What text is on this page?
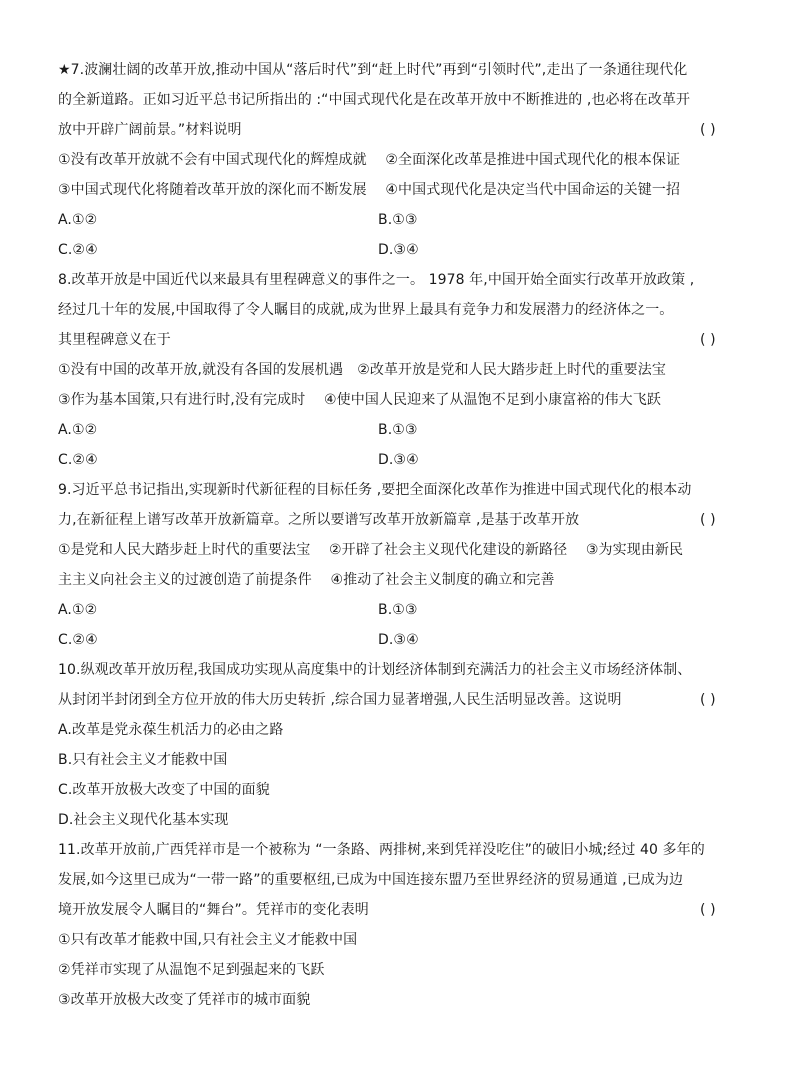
★7.波澜壮阔的改革开放,推动中国从“落后时代”到“赶上时代”再到“引领时代”,走出了一条通往现代化
的全新道路。正如习近平总书记所指出的 :“中国式现代化是在改革开放中不断推进的 ,也必将在改革开
放中开辟广阔前景。”材料说明	( )
①没有改革开放就不会有中国式现代化的辉煌成就　 ②全面深化改革是推进中国式现代化的根本保证
③中国式现代化将随着改革开放的深化而不断发展　 ④中国式现代化是决定当代中国命运的关键一招
A.①②	B.①③
C.②④	D.③④
8.改革开放是中国近代以来最具有里程碑意义的事件之一。 1978 年,中国开始全面实行改革开放政策 ,
经过几十年的发展,中国取得了令人瞩目的成就,成为世界上最具有竞争力和发展潜力的经济体之一。
其里程碑意义在于	( )
①没有中国的改革开放,就没有各国的发展机遇　②改革开放是党和人民大踏步赶上时代的重要法宝
③作为基本国策,只有进行时,没有完成时　 ④使中国人民迎来了从温饱不足到小康富裕的伟大飞跃
A.①②	B.①③
C.②④	D.③④
9.习近平总书记指出,实现新时代新征程的目标任务 ,要把全面深化改革作为推进中国式现代化的根本动
力,在新征程上谱写改革开放新篇章。之所以要谱写改革开放新篇章 ,是基于改革开放	( )
①是党和人民大踏步赶上时代的重要法宝　 ②开辟了社会主义现代化建设的新路径　 ③为实现由新民
主主义向社会主义的过渡创造了前提条件　 ④推动了社会主义制度的确立和完善
A.①②	B.①③
C.②④	D.③④
10.纵观改革开放历程,我国成功实现从高度集中的计划经济体制到充满活力的社会主义市场经济体制、
从封闭半封闭到全方位开放的伟大历史转折 ,综合国力显著增强,人民生活明显改善。这说明	( )
A.改革是党永葆生机活力的必由之路
B.只有社会主义才能救中国
C.改革开放极大改变了中国的面貌
D.社会主义现代化基本实现
11.改革开放前,广西凭祥市是一个被称为 “一条路、两排树,来到凭祥没吃住”的破旧小城;经过 40 多年的
发展,如今这里已成为“一带一路”的重要枢纽,已成为中国连接东盟乃至世界经济的贸易通道 ,已成为边
境开放发展令人瞩目的“舞台”。凭祥市的变化表明	( )
①只有改革才能救中国,只有社会主义才能救中国
②凭祥市实现了从温饱不足到强起来的飞跃
③改革开放极大改变了凭祥市的城市面貌
